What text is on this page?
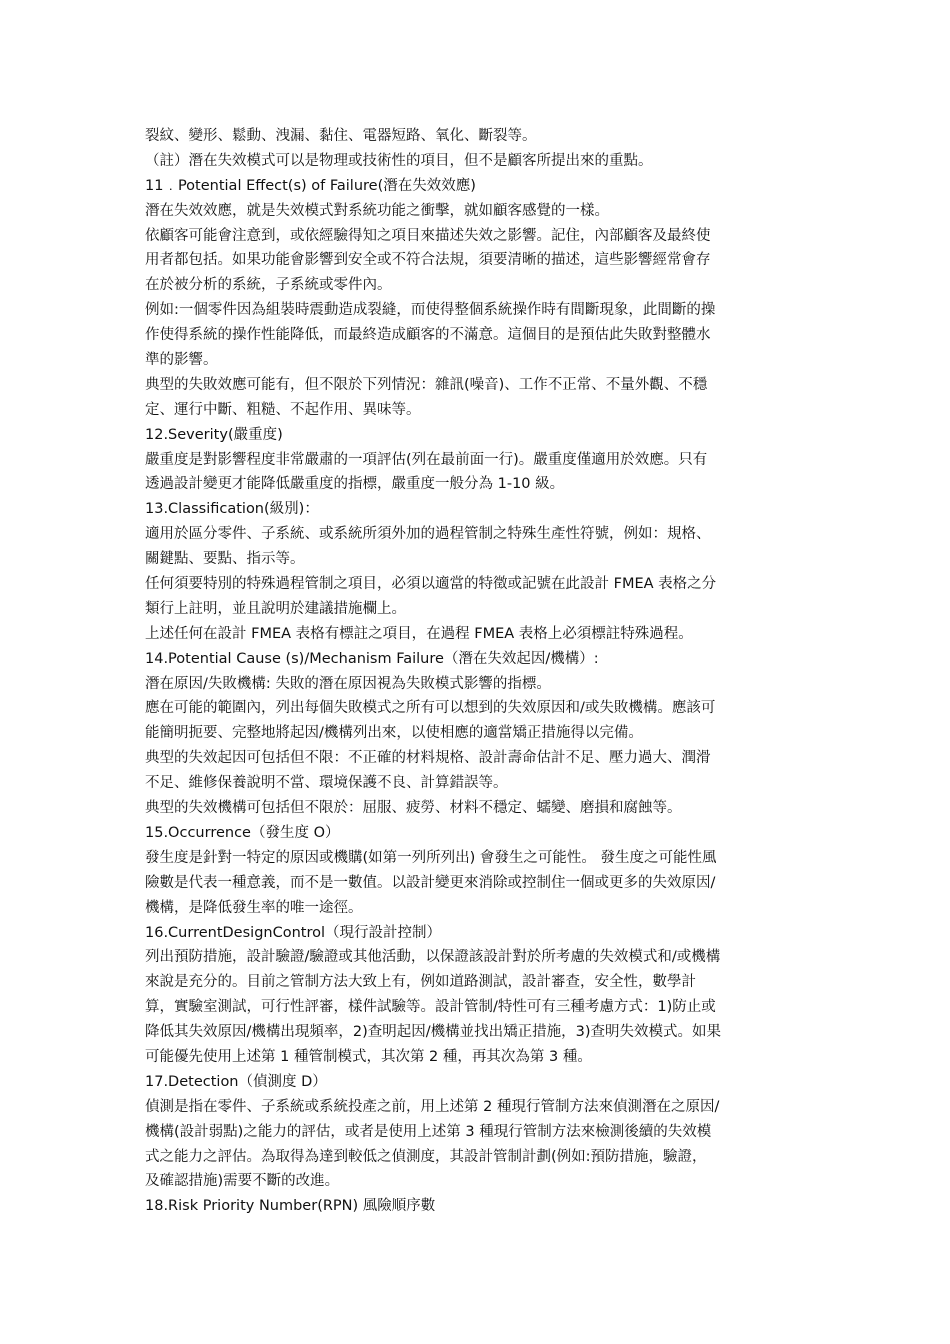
裂紋、變形、鬆動、洩漏、黏住、電器短路、氧化、斷裂等。
（註）潛在失效模式可以是物理或技術性的項目，但不是顧客所提出來的重點。
11﹒Potential Effect(s) of Failure(潛在失效效應)
潛在失效效應，就是失效模式對系統功能之衝擊，就如顧客感覺的一樣。
依顧客可能會注意到，或依經驗得知之項目來描述失效之影響。記住，內部顧客及最終使
用者都包括。如果功能會影響到安全或不符合法規，須要清晰的描述，這些影響經常會存
在於被分析的系統，子系統或零件內。
例如:一個零件因為組裝時震動造成裂縫，而使得整個系統操作時有間斷現象，此間斷的操
作使得系統的操作性能降低，而最終造成顧客的不滿意。這個目的是預估此失敗對整體水
準的影響。
典型的失敗效應可能有，但不限於下列情況：雜訊(噪音)、工作不正常、不量外觀、不穩
定、運行中斷、粗糙、不起作用、異味等。
12.Severity(嚴重度)
嚴重度是對影響程度非常嚴肅的一項評估(列在最前面一行)。嚴重度僅適用於效應。只有
透過設計變更才能降低嚴重度的指標，嚴重度一般分為 1-10 級。
13.Classification(級別)：
適用於區分零件、子系統、或系統所須外加的過程管制之特殊生產性符號，例如：規格、
關鍵點、要點、指示等。
任何須要特別的特殊過程管制之項目，必須以適當的特徵或記號在此設計 FMEA 表格之分
類行上註明，並且說明於建議措施欄上。
上述任何在設計 FMEA 表格有標註之項目，在過程 FMEA 表格上必須標註特殊過程。
14.Potential Cause (s)/Mechanism Failure（潛在失效起因/機構）:
潛在原因/失敗機構: 失敗的潛在原因視為失敗模式影響的指標。
應在可能的範圍內，列出每個失敗模式之所有可以想到的失效原因和/或失敗機構。應該可
能簡明扼要、完整地將起因/機構列出來，以使相應的適當矯正措施得以完備。
典型的失效起因可包括但不限：不正確的材料規格、設計壽命估計不足、壓力過大、潤滑
不足、維修保養說明不當、環境保護不良、計算錯誤等。
典型的失效機構可包括但不限於：屈服、疲勞、材料不穩定、蠕變、磨損和腐蝕等。
15.Occurrence（發生度 O）
發生度是針對一特定的原因或機購(如第一列所列出) 會發生之可能性。 發生度之可能性風
險數是代表一種意義，而不是一數值。以設計變更來消除或控制住一個或更多的失效原因/
機構，是降低發生率的唯一途徑。
16.CurrentDesignControl（現行設計控制）
列出預防措施，設計驗證/驗證或其他活動，以保證該設計對於所考慮的失效模式和/或機構
來說是充分的。目前之管制方法大致上有，例如道路測試，設計審查，安全性，數學計
算，實驗室測試，可行性評審，樣件試驗等。設計管制/特性可有三種考慮方式：1)防止或
降低其失效原因/機構出現頻率，2)查明起因/機構並找出矯正措施，3)查明失效模式。如果
可能優先使用上述第 1 種管制模式，其次第 2 種，再其次為第 3 種。
17.Detection（偵測度 D）
偵測是指在零件、子系統或系統投產之前，用上述第 2 種現行管制方法來偵測潛在之原因/
機構(設計弱點)之能力的評估，或者是使用上述第 3 種現行管制方法來檢測後續的失效模
式之能力之評估。為取得為達到較低之偵測度，其設計管制計劃(例如:預防措施，驗證，
及確認措施)需要不斷的改進。
18.Risk Priority Number(RPN) 風險順序數
